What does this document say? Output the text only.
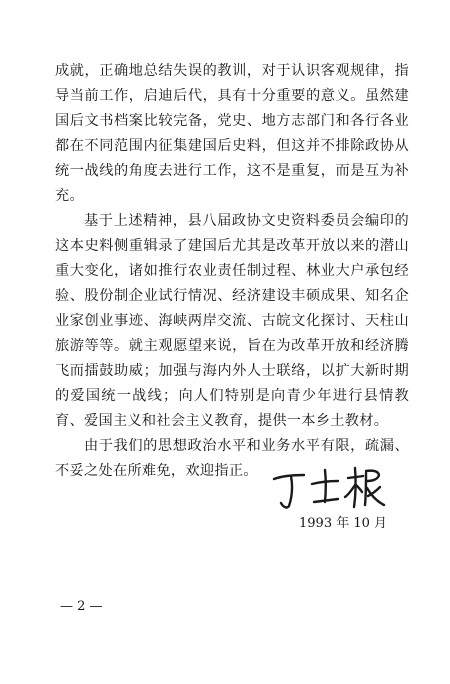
成就，正确地总结失误的教训，对于认识客观规律，指导当前工作，启迪后代，具有十分重要的意义。虽然建国后文书档案比较完备，党史、地方志部门和各行各业都在不同范围内征集建国后史料，但这并不排除政协从统一战线的角度去进行工作，这不是重复，而是互为补充。

基于上述精神，县八届政协文史资料委员会编印的这本史料侧重辑录了建国后尤其是改革开放以来的潜山重大变化，诸如推行农业责任制过程、林业大户承包经验、股份制企业试行情况、经济建设丰硕成果、知名企业家创业事迹、海峡两岸交流、古皖文化探讨、天柱山旅游等等。就主观愿望来说，旨在为改革开放和经济腾飞而擂鼓助威；加强与海内外人士联络，以扩大新时期的爱国统一战线；向人们特别是向青少年进行县情教育、爱国主义和社会主义教育，提供一本乡土教材。

由于我们的思想政治水平和业务水平有限，疏漏、不妥之处在所难免，欢迎指正。

1993 年 10 月
— 2 —
